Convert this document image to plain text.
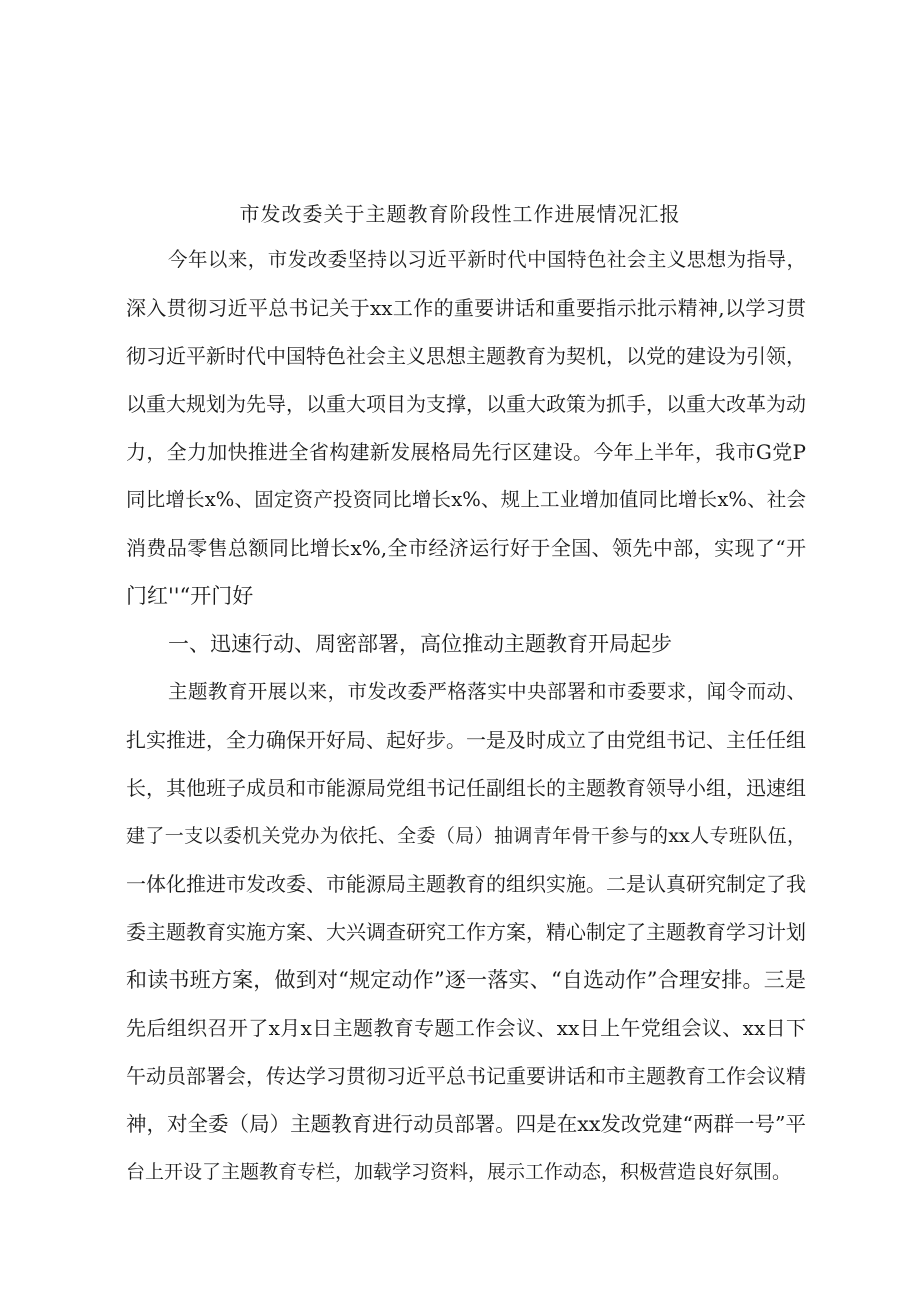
市发改委关于主题教育阶段性工作进展情况汇报

今年以来，市发改委坚持以习近平新时代中国特色社会主义思想为指导，

深入贯彻习近平总书记关于xx工作的重要讲话和重要指示批示精神,以学习贯

彻习近平新时代中国特色社会主义思想主题教育为契机，以党的建设为引领，

以重大规划为先导，以重大项目为支撑，以重大政策为抓手，以重大改革为动

力，全力加快推进全省构建新发展格局先行区建设。今年上半年，我市G党P

同比增长x%、固定资产投资同比增长x%、规上工业增加值同比增长x%、社会

消费品零售总额同比增长x%,全市经济运行好于全国、领先中部，实现了“开

门红''“开门好

一、迅速行动、周密部署，高位推动主题教育开局起步

主题教育开展以来，市发改委严格落实中央部署和市委要求，闻令而动、

扎实推进，全力确保开好局、起好步。一是及时成立了由党组书记、主任任组

长，其他班子成员和市能源局党组书记任副组长的主题教育领导小组，迅速组

建了一支以委机关党办为依托、全委（局）抽调青年骨干参与的xx人专班队伍，

一体化推进市发改委、市能源局主题教育的组织实施。二是认真研究制定了我

委主题教育实施方案、大兴调查研究工作方案，精心制定了主题教育学习计划

和读书班方案，做到对“规定动作”逐一落实、“自选动作”合理安排。三是

先后组织召开了x月x日主题教育专题工作会议、xx日上午党组会议、xx日下

午动员部署会，传达学习贯彻习近平总书记重要讲话和市主题教育工作会议精

神，对全委（局）主题教育进行动员部署。四是在xx发改党建“两群一号”平

台上开设了主题教育专栏，加载学习资料，展示工作动态，积极营造良好氛围。
